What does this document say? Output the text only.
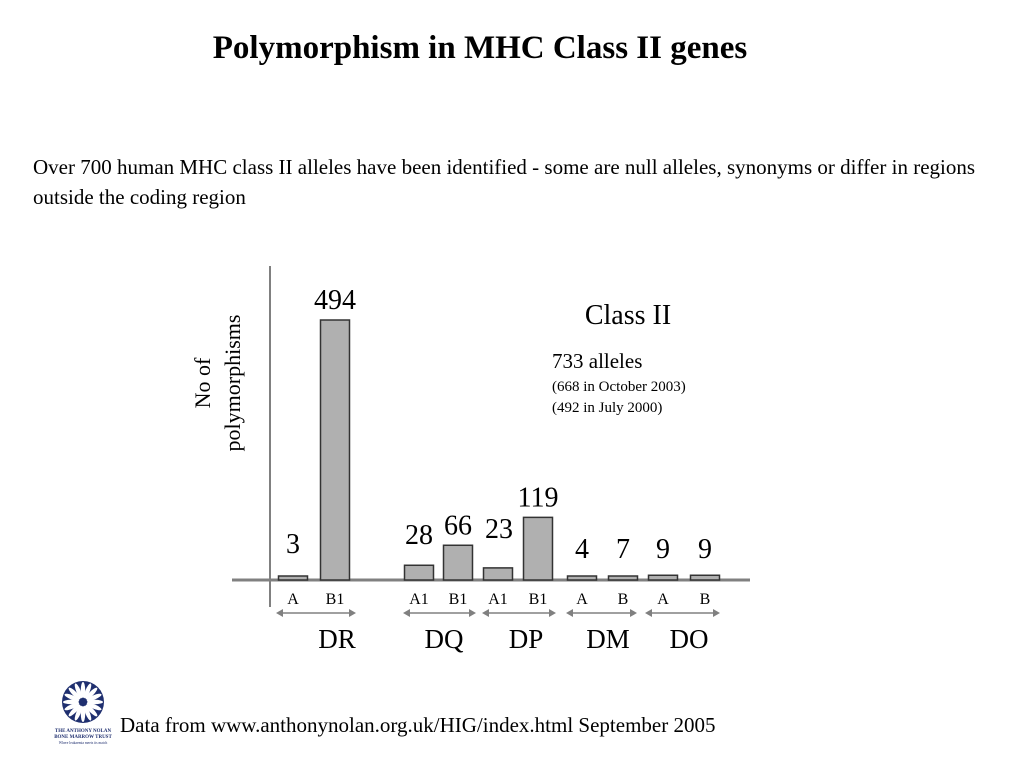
Polymorphism in MHC Class II genes
Over 700 human MHC class II alleles have been identified - some are null alleles, synonyms or differ in regions outside the coding region
3
494
28 66 23
119
4 7 9 9
A B1	A1 B1 A1 B1 A B A B
DR	DQ DP DM DO
Class II
733 alleles
(668 in October 2003)
(492 in July 2000)
No of polymorphisms
THE ANTHONY NOLAN
BONE MARROW TRUST
Where leukaemia meets its match
Data from www.anthonynolan.org.uk/HIG/index.html September 2005
